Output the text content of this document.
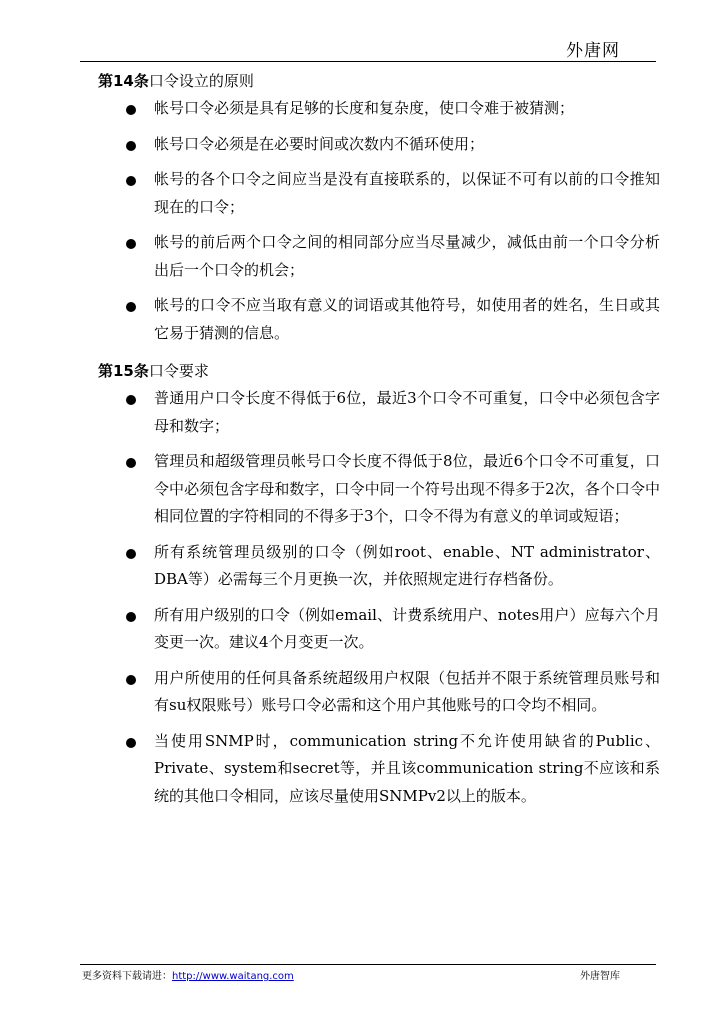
外唐网
第14条 口令设立的原则
帐号口令必须是具有足够的长度和复杂度，使口令难于被猜测；
帐号口令必须是在必要时间或次数内不循环使用；
帐号的各个口令之间应当是没有直接联系的，以保证不可有以前的口令推知现在的口令；
帐号的前后两个口令之间的相同部分应当尽量减少，减低由前一个口令分析出后一个口令的机会；
帐号的口令不应当取有意义的词语或其他符号，如使用者的姓名，生日或其它易于猜测的信息。
第15条 口令要求
普通用户口令长度不得低于6位，最近3个口令不可重复，口令中必须包含字母和数字；
管理员和超级管理员帐号口令长度不得低于8位，最近6个口令不可重复，口令中必须包含字母和数字，口令中同一个符号出现不得多于2次，各个口令中相同位置的字符相同的不得多于3个，口令不得为有意义的单词或短语；
所有系统管理员级别的口令（例如root、enable、NT administrator、DBA等）必需每三个月更换一次，并依照规定进行存档备份。
所有用户级别的口令（例如email、计费系统用户、notes用户）应每六个月变更一次。建议4个月变更一次。
用户所使用的任何具备系统超级用户权限（包括并不限于系统管理员账号和有su权限账号）账号口令必需和这个用户其他账号的口令均不相同。
当使用SNMP时，communication string不允许使用缺省的Public、Private、system和secret等，并且该communication string不应该和系统的其他口令相同，应该尽量使用SNMPv2以上的版本。
更多资料下载请进：http://www.waitang.com	外唐智库
